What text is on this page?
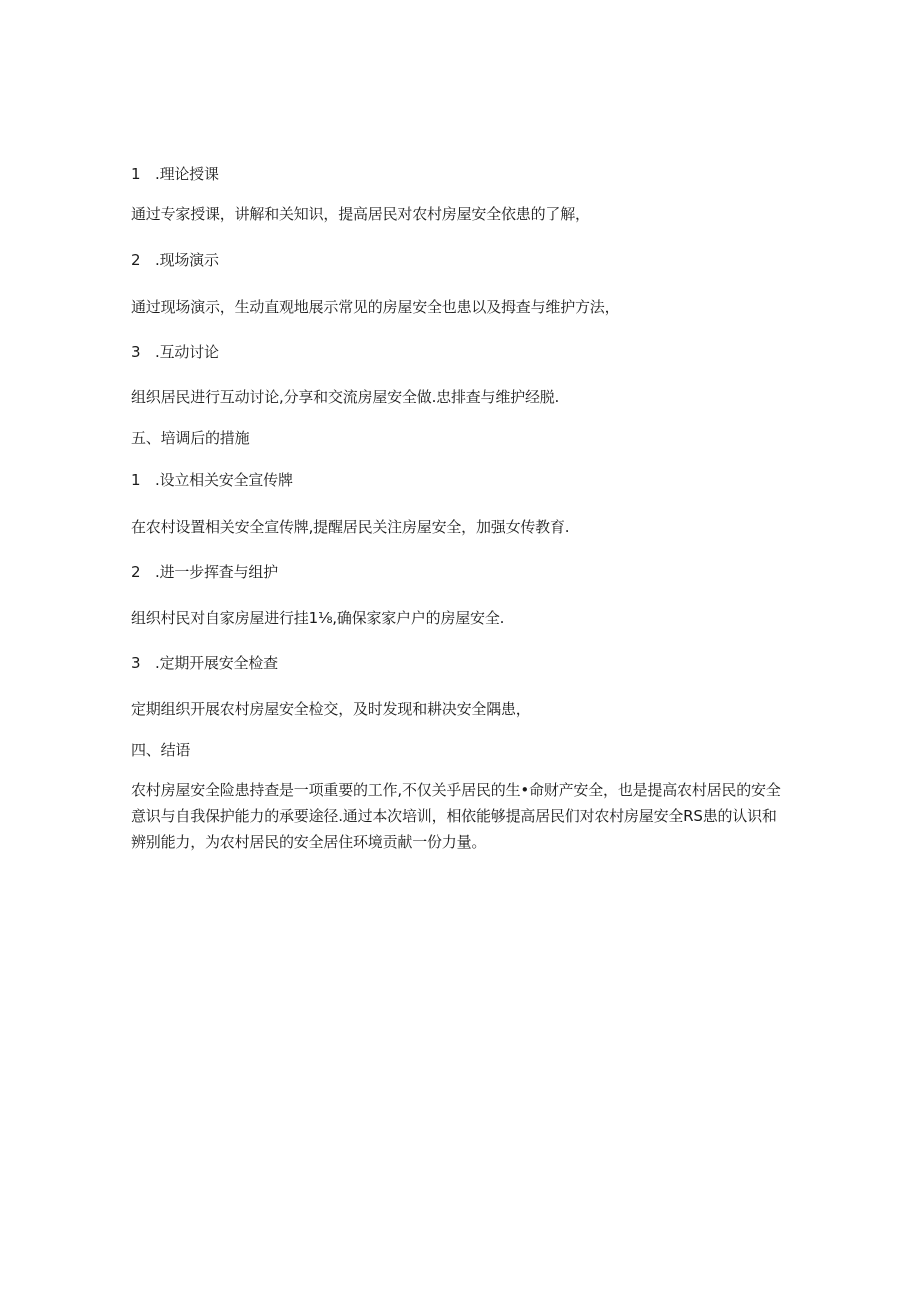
1 .理论授课
通过专家授课，讲解和关知识，提高居民对农村房屋安全依患的了解，
2 .现场演示
通过现场演示，生动直观地展示常见的房屋安全也患以及拇查与维护方法，
3 .互动讨论
组织居民进行互动讨论,分享和交流房屋安全做.忠排查与维护经脱.
五、培调后的措施
1 .设立相关安全宣传牌
在农村设置相关安全宣传牌,提醒居民关注房屋安全，加强女传教育.
2 .进一步挥査与组护
组织村民对自家房屋进行挂1⅛,确保家家户户的房屋安全.
3 .定期开展安全检查
定期组织开展农村房屋安全检交，及时发现和耕决安全隅患，
四、结语
农村房屋安全险患持查是一项重要的工作,不仅关乎居民的生•命财产安全，也是提高农村居民的安全意识与自我保护能力的承要途径.通过本次培训，相依能够提高居民们对农村房屋安全RS患的认识和辨别能力，为农村居民的安全居住环境贡献一份力量。
